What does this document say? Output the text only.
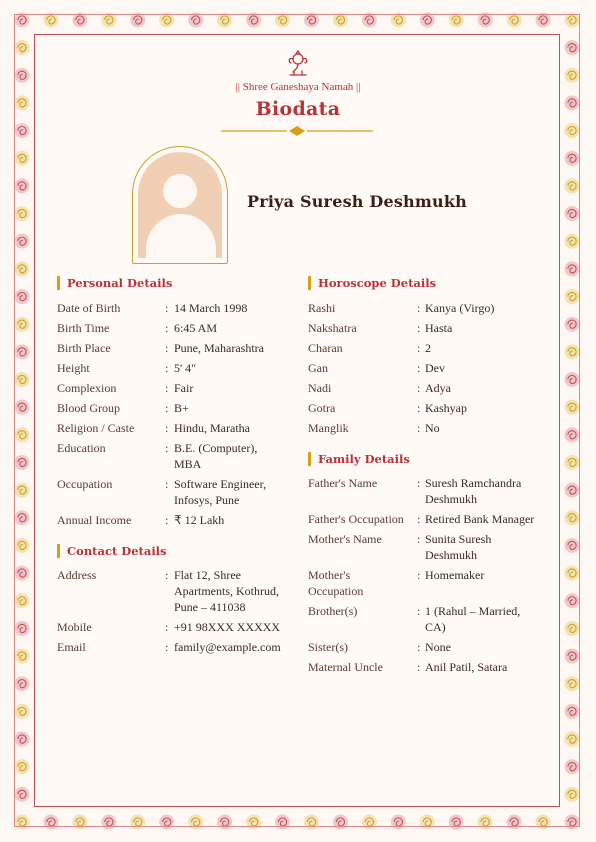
|| Shree Ganeshaya Namah ||
Biodata
Priya Suresh Deshmukh
Personal Details
Date of Birth	: 14 March 1998
Birth Time	: 6:45 AM
Birth Place	: Pune, Maharashtra
Height	: 5' 4"
Complexion	: Fair
Blood Group	: B+
Religion / Caste	: Hindu, Maratha
Education	: B.E. (Computer),
MBA
Occupation	: Software Engineer,
Infosys, Pune
Annual Income	: ₹ 12 Lakh
Contact Details
Address	: Flat 12, Shree
Apartments, Kothrud,
Pune – 411038
Mobile	: +91 98XXX XXXXX
Email	: family@example.com
Horoscope Details
Rashi	: Kanya (Virgo)
Nakshatra	: Hasta
Charan	: 2
Gan	: Dev
Nadi	: Adya
Gotra	: Kashyap
Manglik	: No
Family Details
Father's Name	: Suresh Ramchandra
Deshmukh
Father's Occupation : Retired Bank Manager
Mother's Name	: Sunita Suresh
Deshmukh
Mother's
Occupation
: Homemaker
Brother(s)	: 1 (Rahul – Married,
CA)
Sister(s)	: None
Maternal Uncle	: Anil Patil, Satara
